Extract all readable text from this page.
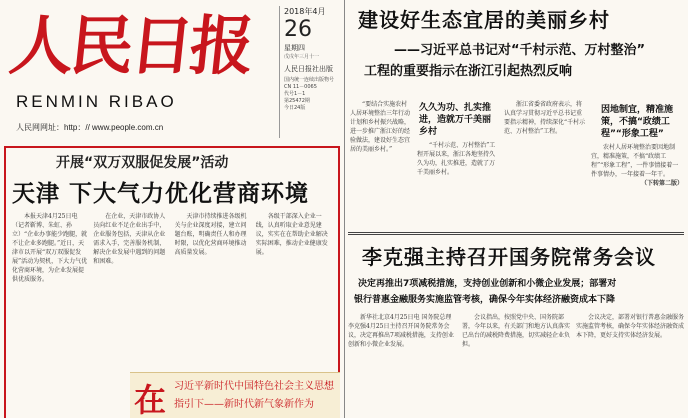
人民日报
RENMIN RIBAO
人民网网址：http：// www.people.com.cn
2018年4月
26
星期四
戊戌年三月十一
人民日报社出版
国内统一连续出版物号
CN 11－0065
代号1－1
第25472期
今日24版
开展“双万双服促发展”活动
天津 下大气力优化营商环境

本报天津4月25日电 （记者靳博、朱虹、孙立）“企业办事能少跑腿，就不让企业多跑腿。”近日，天津市以开展“双万双服促发展”活动为契机，下大力气优化营商环境，为企业发展提供优质服务。

在企业，天津市政协人员向红业不足企业出手中，企业服务包括，天津从企业需求入手，完善服务机制，解决企业发展中遇到的问题和困难。

天津市持续推进各级机关与企业深度对接，建立问题台账，明确责任人和办理时限，以优化营商环境推动高质量发展。

各级干部深入企业一线，认真听取企业意见建议，实实在在帮助企业解决实际困难，推动企业健康发展。

在 习近平新时代中国特色社会主义思想
指引下——新时代新气象新作为
建设好生态宜居的美丽乡村
——习近平总书记对“千村示范、万村整治”
工程的重要指示在浙江引起热烈反响

“要结合实施农村人居环境整治三年行动计划和乡村振兴战略，进一步推广浙江好的经验做法，建设好生态宜居的美丽乡村。”

久久为功、扎实推进，造就万千美丽乡村

“千村示范、万村整治”工程开展以来，浙江各地坚持久久为功，扎实推进，造就了万千美丽乡村。

浙江省委省政府表示，将认真学习贯彻习近平总书记重要指示精神，持续深化“千村示范、万村整治”工程。

因地制宜，精准施策，不搞“政绩工程”“形象工程”

农村人居环境整治要因地制宜，精准施策，不搞“政绩工程”“形象工程”，一件事情接着一件事情办，一年接着一年干。

（下转第二版）
李克强主持召开国务院常务会议
决定再推出7项减税措施，支持创业创新和小微企业发展；部署对
银行普惠金融服务实施监管考核，确保今年实体经济融资成本下降

新华社北京4月25日电 国务院总理李克强4月25日主持召开国务院常务会议，决定再推出7项减税措施，支持创业创新和小微企业发展。

会议指出，按照党中央、国务院部署，今年以来，有关部门和地方认真落实已出台的减税降费措施，切实减轻企业负担。

会议决定，部署对银行普惠金融服务实施监管考核，确保今年实体经济融资成本下降，更好支持实体经济发展。
